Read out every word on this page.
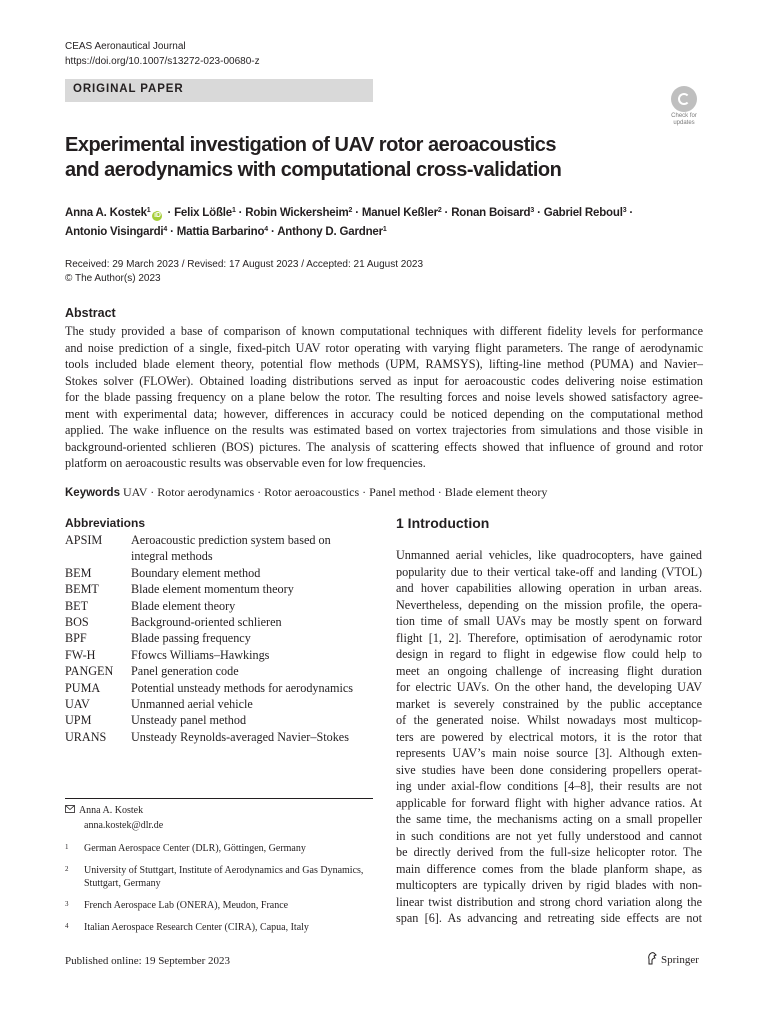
CEAS Aeronautical Journal
https://doi.org/10.1007/s13272-023-00680-z
ORIGINAL PAPER
Check for
updates
Experimental investigation of UAV rotor aeroacoustics
and aerodynamics with computational cross-validation
Anna A. Kostek$^1$iD · Felix Lößle$^1$ · Robin Wickersheim$^2$ · Manuel Keßler$^2$ · Ronan Boisard$^3$ · Gabriel Reboul$^3$ ·
Antonio Visingardi$^4$ · Mattia Barbarino$^4$ · Anthony D. Gardner$^1$
Received: 29 March 2023 / Revised: 17 August 2023 / Accepted: 21 August 2023
© The Author(s) 2023
Abstract
The study provided a base of comparison of known computational techniques with different fidelity levels for performance
and noise prediction of a single, fixed-pitch UAV rotor operating with varying flight parameters. The range of aerodynamic
tools included blade element theory, potential flow methods (UPM, RAMSYS), lifting-line method (PUMA) and Navier–
Stokes solver (FLOWer). Obtained loading distributions served as input for aeroacoustic codes delivering noise estimation
for the blade passing frequency on a plane below the rotor. The resulting forces and noise levels showed satisfactory agree-
ment with experimental data; however, differences in accuracy could be noticed depending on the computational method
applied. The wake influence on the results was estimated based on vortex trajectories from simulations and those visible in
background-oriented schlieren (BOS) pictures. The analysis of scattering effects showed that influence of ground and rotor
platform on aeroacoustic results was observable even for low frequencies.
Keywords UAV · Rotor aerodynamics · Rotor aeroacoustics · Panel method · Blade element theory
Abbreviations
APSIM	Aeroacoustic prediction system based on
integral methods
BEM	Boundary element method
BEMT	Blade element momentum theory
BET	Blade element theory
BOS	Background-oriented schlieren
BPF	Blade passing frequency
FW-H	Ffowcs Williams–Hawkings
PANGEN	Panel generation code
PUMA	Potential unsteady methods for aerodynamics
UAV	Unmanned aerial vehicle
UPM	Unsteady panel method
URANS	Unsteady Reynolds-averaged Navier–Stokes
Anna A. Kostek
anna.kostek@dlr.de
1	German Aerospace Center (DLR), Göttingen, Germany
2	University of Stuttgart, Institute of Aerodynamics and Gas Dynamics, Stuttgart, Germany
3	French Aerospace Lab (ONERA), Meudon, France
4	Italian Aerospace Research Center (CIRA), Capua, Italy
1 Introduction
Unmanned aerial vehicles, like quadrocopters, have gained
popularity due to their vertical take-off and landing (VTOL)
and hover capabilities allowing operation in urban areas.
Nevertheless, depending on the mission profile, the opera-
tion time of small UAVs may be mostly spent on forward
flight [1, 2]. Therefore, optimisation of aerodynamic rotor
design in regard to flight in edgewise flow could help to
meet an ongoing challenge of increasing flight duration
for electric UAVs. On the other hand, the developing UAV
market is severely constrained by the public acceptance
of the generated noise. Whilst nowadays most multicop-
ters are powered by electrical motors, it is the rotor that
represents UAV’s main noise source [3]. Although exten-
sive studies have been done considering propellers operat-
ing under axial-flow conditions [4–8], their results are not
applicable for forward flight with higher advance ratios. At
the same time, the mechanisms acting on a small propeller
in such conditions are not yet fully understood and cannot
be directly derived from the full-size helicopter rotor. The
main difference comes from the blade planform shape, as
multicopters are typically driven by rigid blades with non-
linear twist distribution and strong chord variation along the
span [6]. As advancing and retreating side effects are not
Published online: 19 September 2023	Springer
